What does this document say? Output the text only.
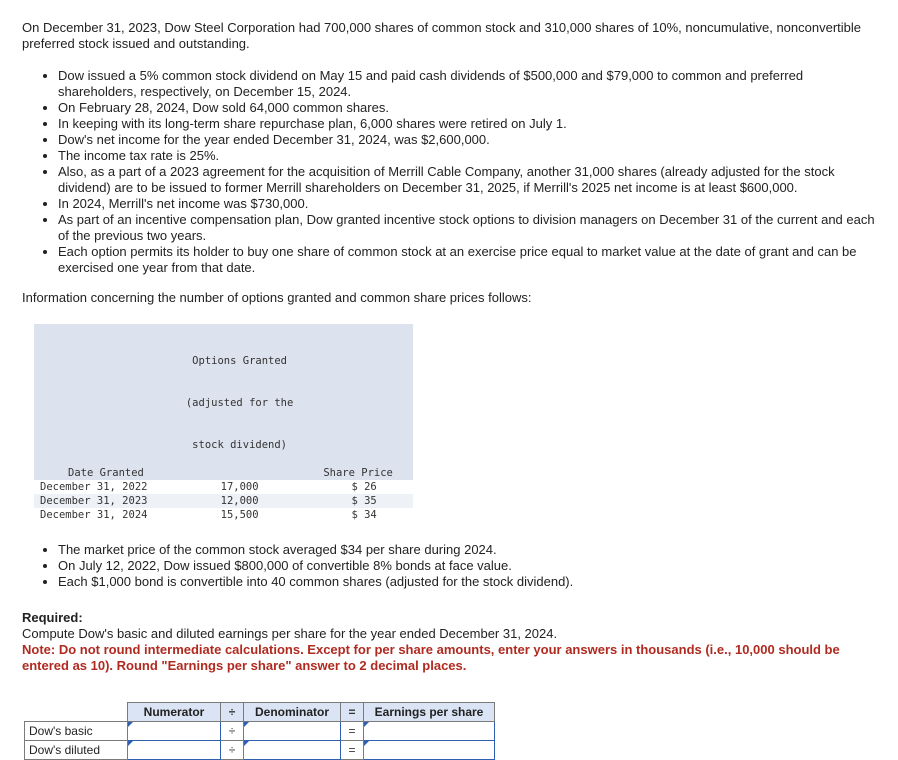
On December 31, 2023, Dow Steel Corporation had 700,000 shares of common stock and 310,000 shares of 10%, noncumulative, nonconvertible preferred stock issued and outstanding.

• Dow issued a 5% common stock dividend on May 15 and paid cash dividends of $500,000 and $79,000 to common and preferred shareholders, respectively, on December 15, 2024.
• On February 28, 2024, Dow sold 64,000 common shares.
• In keeping with its long-term share repurchase plan, 6,000 shares were retired on July 1.
• Dow's net income for the year ended December 31, 2024, was $2,600,000.
• The income tax rate is 25%.
• Also, as a part of a 2023 agreement for the acquisition of Merrill Cable Company, another 31,000 shares (already adjusted for the stock dividend) are to be issued to former Merrill shareholders on December 31, 2025, if Merrill's 2025 net income is at least $600,000.
• In 2024, Merrill's net income was $730,000.
• As part of an incentive compensation plan, Dow granted incentive stock options to division managers on December 31 of the current and each of the previous two years.
• Each option permits its holder to buy one share of common stock at an exercise price equal to market value at the date of grant and can be exercised one year from that date.
Information concerning the number of options granted and common share prices follows:
Date Granted	Options Granted

(adjusted for the

stock dividend)	Share Price
December 31, 2022	17,000	$ 26
December 31, 2023	12,000	$ 35
December 31, 2024	15,500	$ 34
• The market price of the common stock averaged $34 per share during 2024.
• On July 12, 2022, Dow issued $800,000 of convertible 8% bonds at face value.
• Each $1,000 bond is convertible into 40 common shares (adjusted for the stock dividend).
Required:
Compute Dow's basic and diluted earnings per share for the year ended December 31, 2024.
Note: Do not round intermediate calculations. Except for per share amounts, enter your answers in thousands (i.e., 10,000 should be entered as 10). Round "Earnings per share" answer to 2 decimal places.
	Numerator	÷	Denominator	=	Earnings per share
Dow's basic		÷		=	
Dow's diluted		÷		=	
